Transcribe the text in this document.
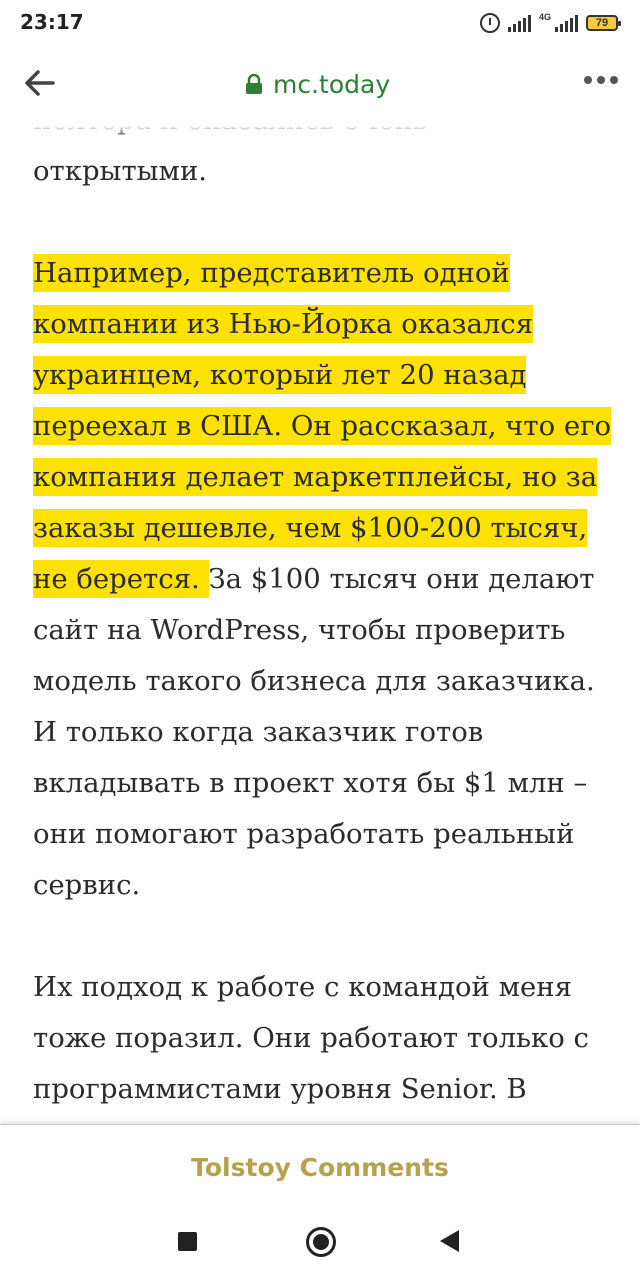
открытыми.

Например, представитель одной компании из Нью-Йорка оказался украинцем, который лет 20 назад переехал в США. Он рассказал, что его компания делает маркетплейсы, но за заказы дешевле, чем $100-200 тысяч, не берется. За $100 тысяч они делают сайт на WordPress, чтобы проверить модель такого бизнеса для заказчика. И только когда заказчик готов вкладывать в проект хотя бы $1 млн – они помогают разработать реальный сервис.

Их подход к работе с командой меня тоже поразил. Они работают только с программистами уровня Senior. В

23:17	4G	79
mc.today
Tolstoy Comments
